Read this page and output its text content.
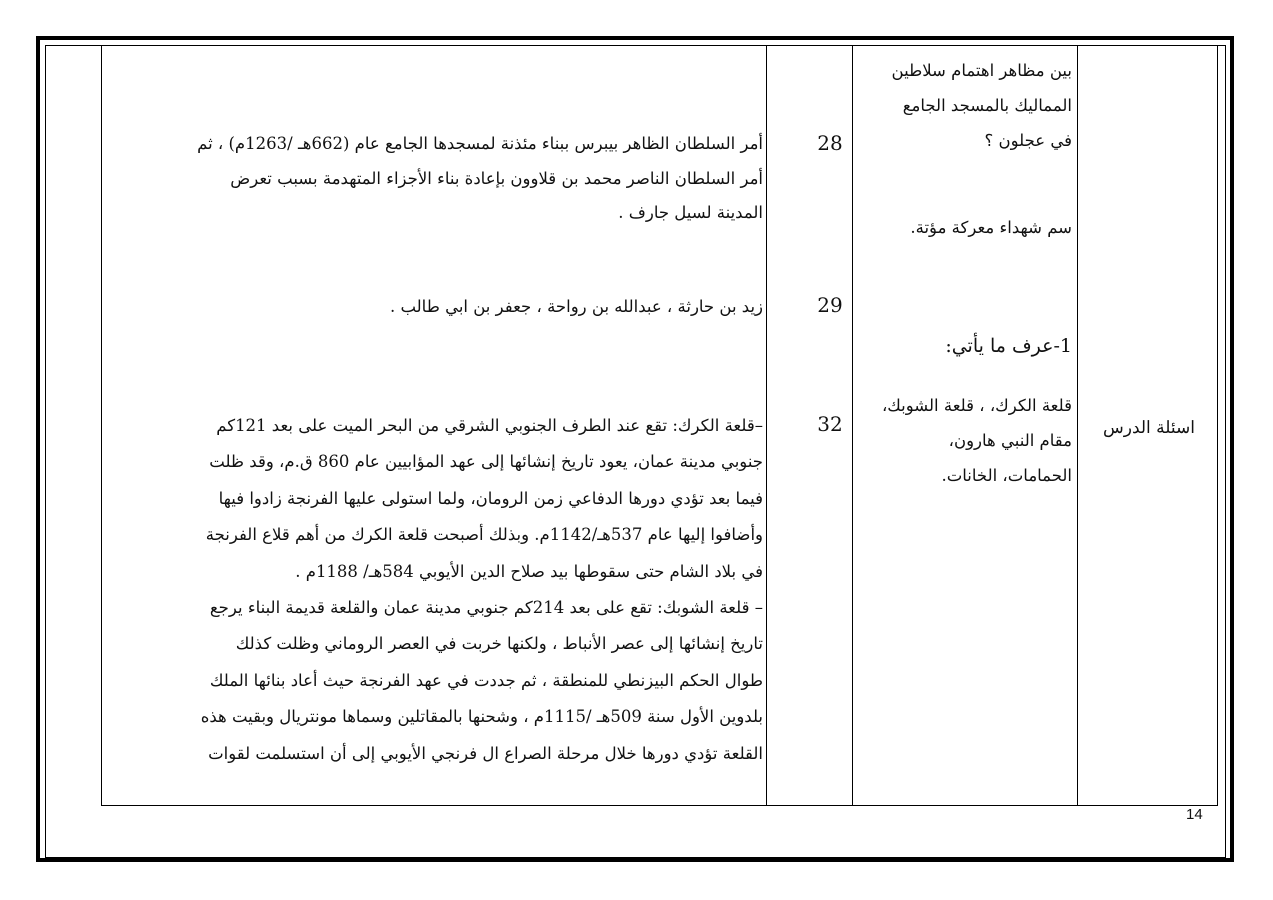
اسئلة الدرس
بين مظاهر اهتمام سلاطين
المماليك بالمسجد الجامع
في عجلون ؟
سم شهداء معركة مؤتة.
1-عرف ما يأتي:
قلعة الكرك، ، قلعة الشوبك،
مقام النبي هارون،
الحمامات، الخانات.
28
29
32
أمر السلطان الظاهر بيبرس ببناء مئذنة لمسجدها الجامع عام (662هـ /1263م) ، ثم
أمر السلطان الناصر محمد بن قلاوون بإعادة بناء الأجزاء المتهدمة بسبب تعرض
المدينة لسيل جارف .
زيد بن حارثة ، عبدالله بن رواحة ، جعفر بن ابي طالب .
–قلعة الكرك: تقع عند الطرف الجنوبي الشرقي من البحر الميت على بعد 121كم
جنوبي مدينة عمان، يعود تاريخ إنشائها إلى عهد المؤابيين عام 860 ق.م، وقد ظلت
فيما بعد تؤدي دورها الدفاعي زمن الرومان، ولما استولى عليها الفرنجة زادوا فيها
وأضافوا إليها عام 537هـ/1142م. وبذلك أصبحت قلعة الكرك من أهم قلاع الفرنجة
في بلاد الشام حتى سقوطها بيد صلاح الدين الأيوبي 584هـ/ 1188م .
– قلعة الشوبك: تقع على بعد 214كم جنوبي مدينة عمان والقلعة قديمة البناء يرجع
تاريخ إنشائها إلى عصر الأنباط ، ولكنها خربت في العصر الروماني وظلت كذلك
طوال الحكم البيزنطي للمنطقة ، ثم جددت في عهد الفرنجة حيث أعاد بنائها الملك
بلدوين الأول سنة 509هـ /1115م ، وشحنها بالمقاتلين وسماها مونتريال وبقيت هذه
القلعة تؤدي دورها خلال مرحلة الصراع ال فرنجي الأيوبي إلى أن استسلمت لقوات
14
